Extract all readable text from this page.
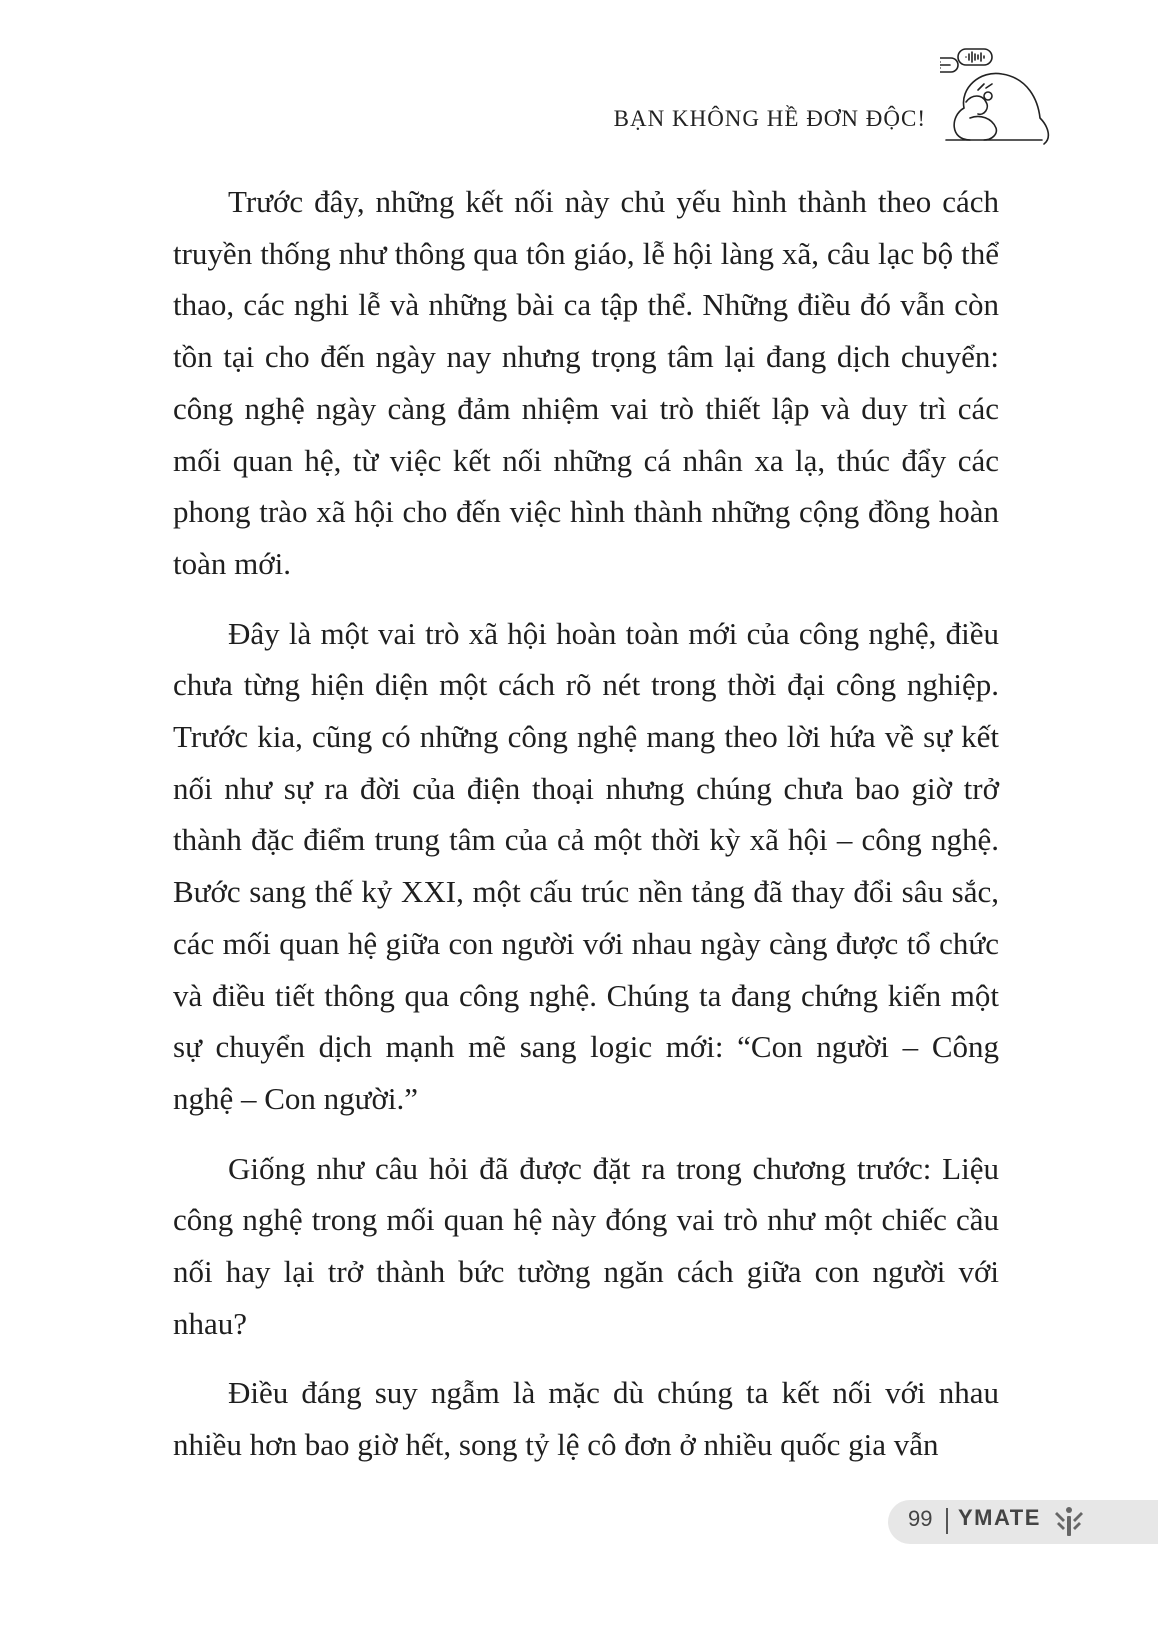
BẠN KHÔNG HỀ ĐƠN ĐỘC!

Trước đây, những kết nối này chủ yếu hình thành theo cách truyền thống như thông qua tôn giáo, lễ hội làng xã, câu lạc bộ thể thao, các nghi lễ và những bài ca tập thể. Những điều đó vẫn còn tồn tại cho đến ngày nay nhưng trọng tâm lại đang dịch chuyển: công nghệ ngày càng đảm nhiệm vai trò thiết lập và duy trì các mối quan hệ, từ việc kết nối những cá nhân xa lạ, thúc đẩy các phong trào xã hội cho đến việc hình thành những cộng đồng hoàn toàn mới.

Đây là một vai trò xã hội hoàn toàn mới của công nghệ, điều chưa từng hiện diện một cách rõ nét trong thời đại công nghiệp. Trước kia, cũng có những công nghệ mang theo lời hứa về sự kết nối như sự ra đời của điện thoại nhưng chúng chưa bao giờ trở thành đặc điểm trung tâm của cả một thời kỳ xã hội – công nghệ. Bước sang thế kỷ XXI, một cấu trúc nền tảng đã thay đổi sâu sắc, các mối quan hệ giữa con người với nhau ngày càng được tổ chức và điều tiết thông qua công nghệ. Chúng ta đang chứng kiến một sự chuyển dịch mạnh mẽ sang logic mới: “Con người – Công nghệ – Con người.”

Giống như câu hỏi đã được đặt ra trong chương trước: Liệu công nghệ trong mối quan hệ này đóng vai trò như một chiếc cầu nối hay lại trở thành bức tường ngăn cách giữa con người với nhau?

Điều đáng suy ngẫm là mặc dù chúng ta kết nối với nhau nhiều hơn bao giờ hết, song tỷ lệ cô đơn ở nhiều quốc gia vẫn

99 YMATE
